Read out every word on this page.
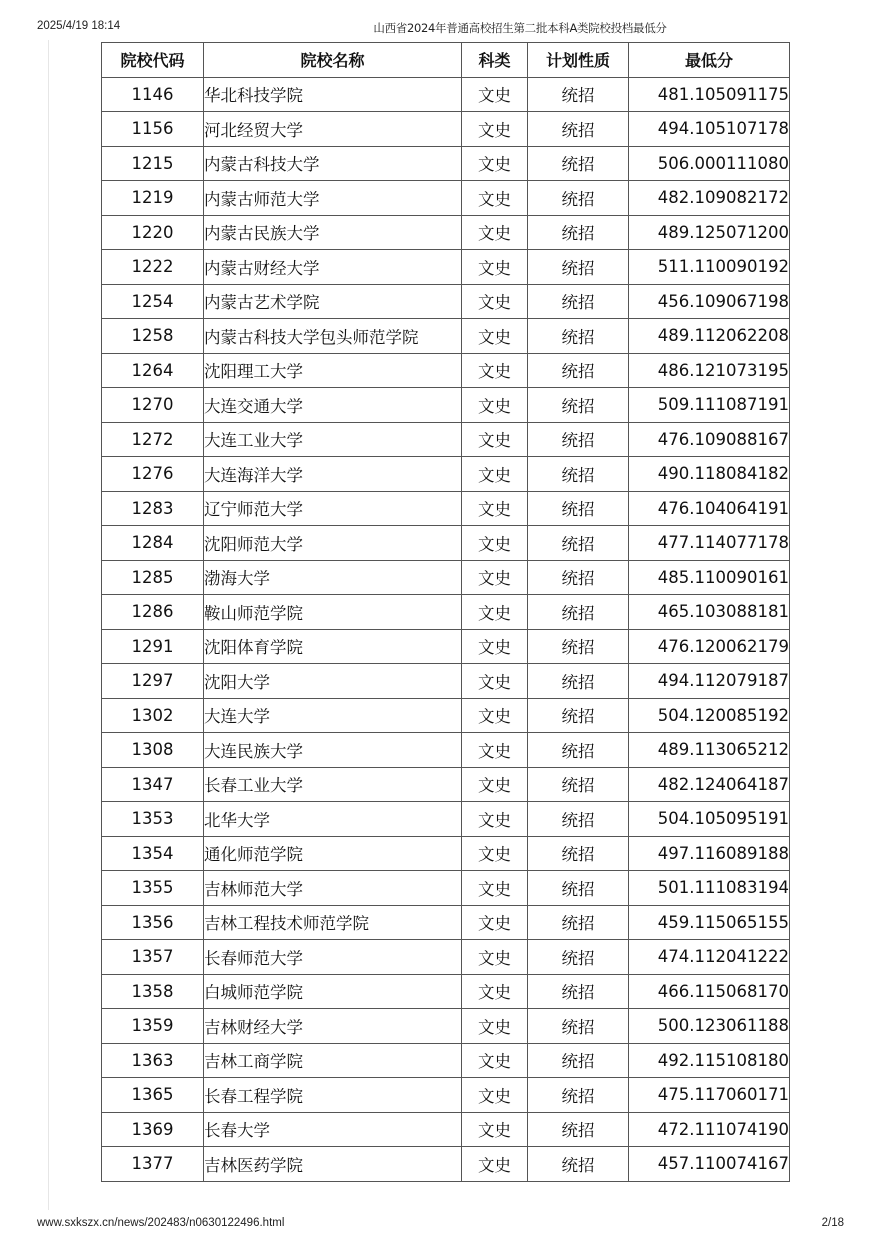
2025/4/19 18:14	山西省2024年普通高校招生第二批本科A类院校投档最低分
院校代码	院校名称	科类	计划性质	最低分
1146	华北科技学院	文史	统招	481.105091175
1156	河北经贸大学	文史	统招	494.105107178
1215	内蒙古科技大学	文史	统招	506.000111080
1219	内蒙古师范大学	文史	统招	482.109082172
1220	内蒙古民族大学	文史	统招	489.125071200
1222	内蒙古财经大学	文史	统招	511.110090192
1254	内蒙古艺术学院	文史	统招	456.109067198
1258	内蒙古科技大学包头师范学院	文史	统招	489.112062208
1264	沈阳理工大学	文史	统招	486.121073195
1270	大连交通大学	文史	统招	509.111087191
1272	大连工业大学	文史	统招	476.109088167
1276	大连海洋大学	文史	统招	490.118084182
1283	辽宁师范大学	文史	统招	476.104064191
1284	沈阳师范大学	文史	统招	477.114077178
1285	渤海大学	文史	统招	485.110090161
1286	鞍山师范学院	文史	统招	465.103088181
1291	沈阳体育学院	文史	统招	476.120062179
1297	沈阳大学	文史	统招	494.112079187
1302	大连大学	文史	统招	504.120085192
1308	大连民族大学	文史	统招	489.113065212
1347	长春工业大学	文史	统招	482.124064187
1353	北华大学	文史	统招	504.105095191
1354	通化师范学院	文史	统招	497.116089188
1355	吉林师范大学	文史	统招	501.111083194
1356	吉林工程技术师范学院	文史	统招	459.115065155
1357	长春师范大学	文史	统招	474.112041222
1358	白城师范学院	文史	统招	466.115068170
1359	吉林财经大学	文史	统招	500.123061188
1363	吉林工商学院	文史	统招	492.115108180
1365	长春工程学院	文史	统招	475.117060171
1369	长春大学	文史	统招	472.111074190
1377	吉林医药学院	文史	统招	457.110074167
www.sxkszx.cn/news/202483/n0630122496.html	2/18
